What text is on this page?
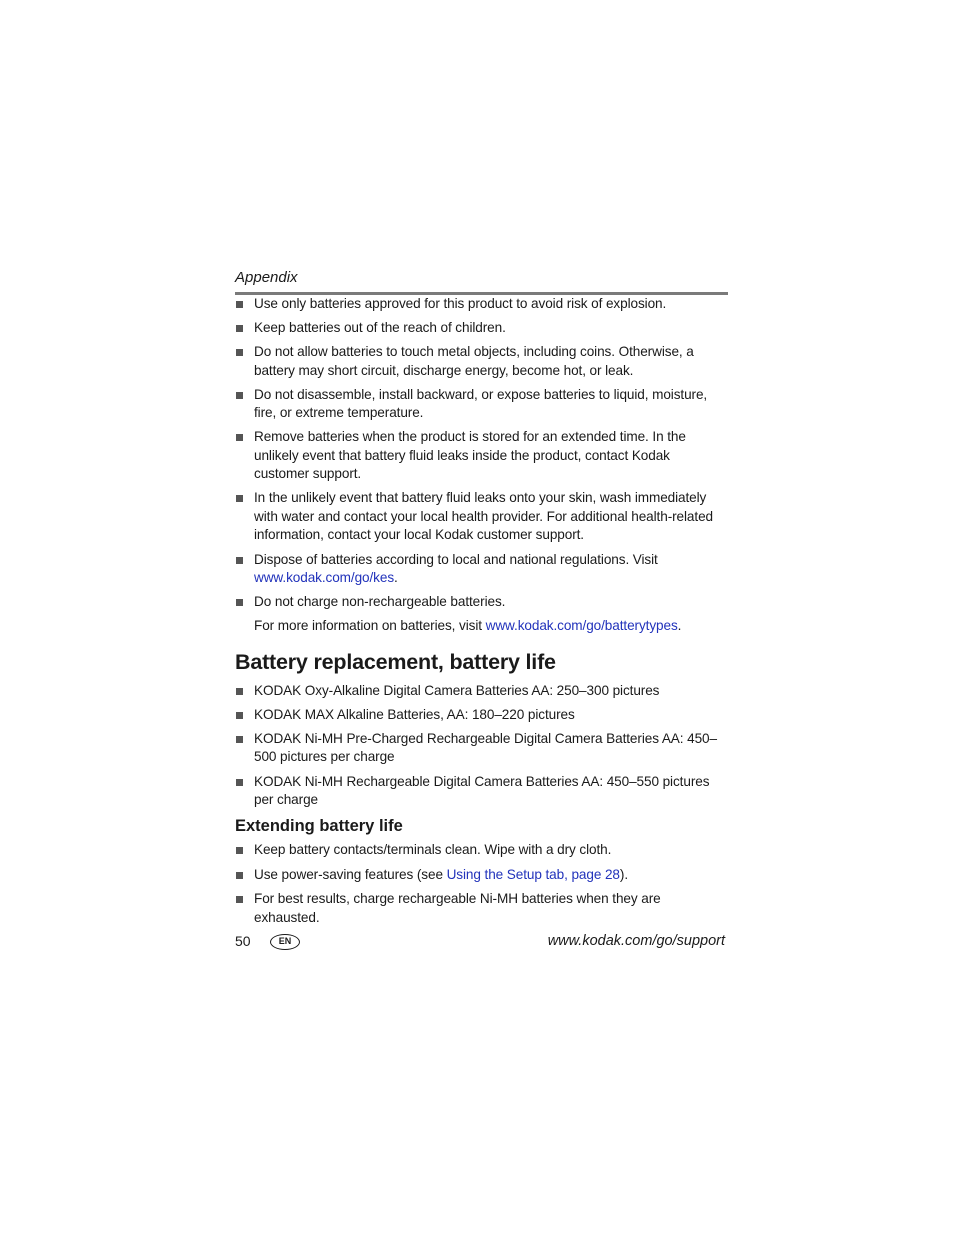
Appendix
Use only batteries approved for this product to avoid risk of explosion.
Keep batteries out of the reach of children.
Do not allow batteries to touch metal objects, including coins. Otherwise, a battery may short circuit, discharge energy, become hot, or leak.
Do not disassemble, install backward, or expose batteries to liquid, moisture, fire, or extreme temperature.
Remove batteries when the product is stored for an extended time. In the unlikely event that battery fluid leaks inside the product, contact Kodak customer support.
In the unlikely event that battery fluid leaks onto your skin, wash immediately with water and contact your local health provider. For additional health-related information, contact your local Kodak customer support.
Dispose of batteries according to local and national regulations. Visit www.kodak.com/go/kes.
Do not charge non-rechargeable batteries.
For more information on batteries, visit www.kodak.com/go/batterytypes.
Battery replacement, battery life
KODAK Oxy-Alkaline Digital Camera Batteries AA: 250–300 pictures
KODAK MAX Alkaline Batteries, AA: 180–220 pictures
KODAK Ni-MH Pre-Charged Rechargeable Digital Camera Batteries AA: 450–500 pictures per charge
KODAK Ni-MH Rechargeable Digital Camera Batteries AA: 450–550 pictures per charge
Extending battery life
Keep battery contacts/terminals clean. Wipe with a dry cloth.
Use power-saving features (see Using the Setup tab, page 28).
For best results, charge rechargeable Ni-MH batteries when they are exhausted.
50	EN	www.kodak.com/go/support
